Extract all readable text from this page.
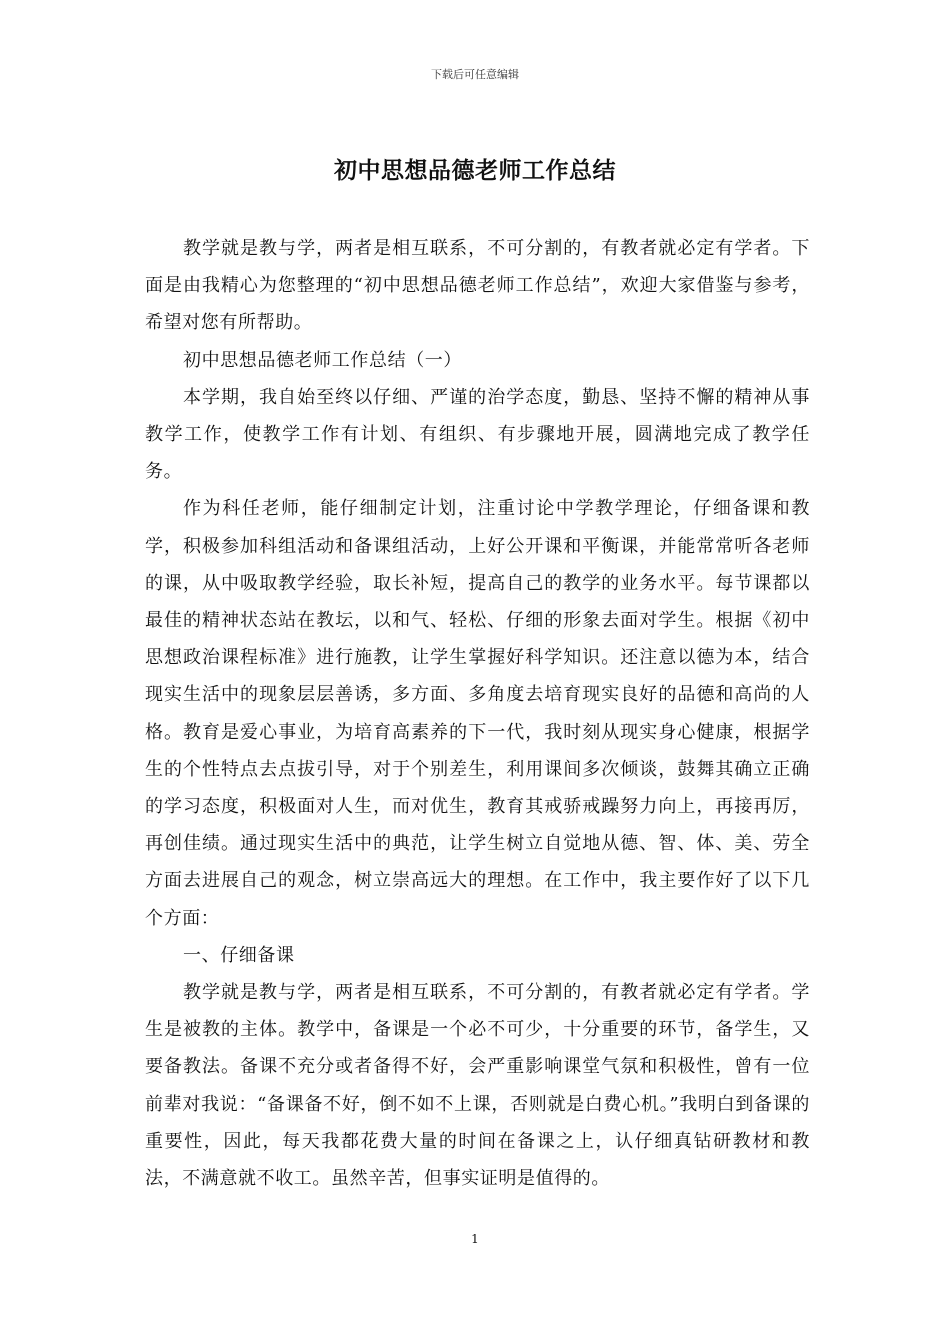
下载后可任意编辑
初中思想品德老师工作总结

教学就是教与学，两者是相互联系，不可分割的，有教者就必定有学者。下面是由我精心为您整理的“初中思想品德老师工作总结”，欢迎大家借鉴与参考，希望对您有所帮助。

初中思想品德老师工作总结（一）

本学期，我自始至终以仔细、严谨的治学态度，勤恳、坚持不懈的精神从事教学工作，使教学工作有计划、有组织、有步骤地开展，圆满地完成了教学任务。

作为科任老师，能仔细制定计划，注重讨论中学教学理论，仔细备课和教学，积极参加科组活动和备课组活动，上好公开课和平衡课，并能常常听各老师的课，从中吸取教学经验，取长补短，提高自己的教学的业务水平。每节课都以最佳的精神状态站在教坛，以和气、轻松、仔细的形象去面对学生。根据《初中思想政治课程标准》进行施教，让学生掌握好科学知识。还注意以德为本，结合现实生活中的现象层层善诱，多方面、多角度去培育现实良好的品德和高尚的人格。教育是爱心事业，为培育高素养的下一代，我时刻从现实身心健康，根据学生的个性特点去点拔引导，对于个别差生，利用课间多次倾谈，鼓舞其确立正确的学习态度，积极面对人生，而对优生，教育其戒骄戒躁努力向上，再接再厉，再创佳绩。通过现实生活中的典范，让学生树立自觉地从德、智、体、美、劳全方面去进展自己的观念，树立崇高远大的理想。在工作中，我主要作好了以下几个方面：

一、仔细备课

教学就是教与学，两者是相互联系，不可分割的，有教者就必定有学者。学生是被教的主体。教学中，备课是一个必不可少，十分重要的环节，备学生，又要备教法。备课不充分或者备得不好，会严重影响课堂气氛和积极性，曾有一位前辈对我说：“备课备不好，倒不如不上课，否则就是白费心机。”我明白到备课的重要性，因此，每天我都花费大量的时间在备课之上，认仔细真钻研教材和教法，不满意就不收工。虽然辛苦，但事实证明是值得的。

1
